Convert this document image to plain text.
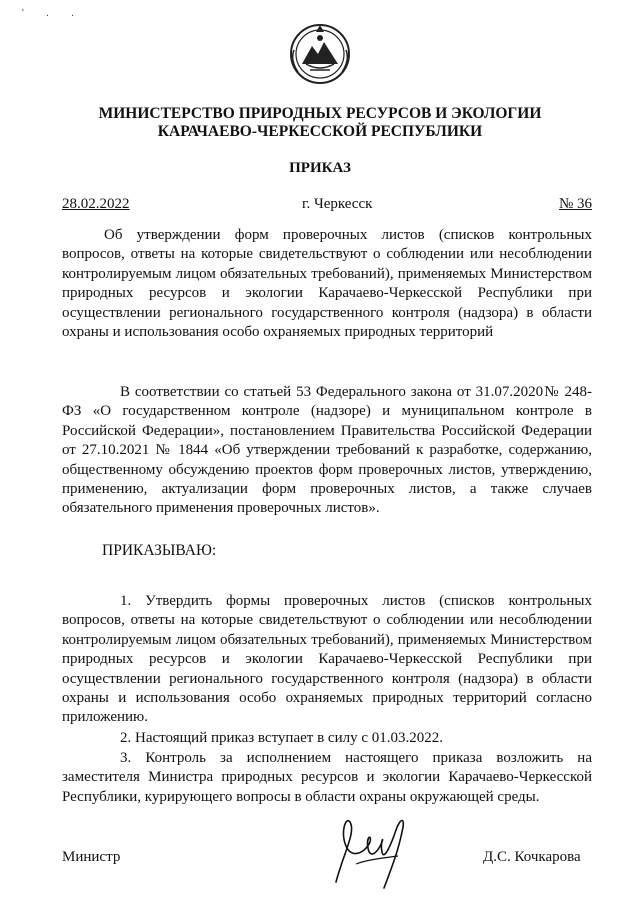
' . .
МИНИСТЕРСТВО ПРИРОДНЫХ РЕСУРСОВ И ЭКОЛОГИИ
КАРАЧАЕВО-ЧЕРКЕССКОЙ РЕСПУБЛИКИ
ПРИКАЗ
28.02.2022	г. Черкесск	№ 36
Об утверждении форм проверочных листов (списков контрольных вопросов, ответы на которые свидетельствуют о соблюдении или несоблюдении контролируемым лицом обязательных требований), применяемых Министерством природных ресурсов и экологии Карачаево-Черкесской Республики при осуществлении регионального государственного контроля (надзора) в области охраны и использования особо охраняемых природных территорий
В соответствии со статьей 53 Федерального закона от 31.07.2020№ 248-ФЗ «О государственном контроле (надзоре) и муниципальном контроле в Российской Федерации», постановлением Правительства Российской Федерации от 27.10.2021 № 1844 «Об утверждении требований к разработке, содержанию, общественному обсуждению проектов форм проверочных листов, утверждению, применению, актуализации форм проверочных листов, а также случаев обязательного применения проверочных листов».
ПРИКАЗЫВАЮ:
1. Утвердить формы проверочных листов (списков контрольных вопросов, ответы на которые свидетельствуют о соблюдении или несоблюдении контролируемым лицом обязательных требований), применяемых Министерством природных ресурсов и экологии Карачаево-Черкесской Республики при осуществлении регионального государственного контроля (надзора) в области охраны и использования особо охраняемых природных территорий согласно приложению.
2. Настоящий приказ вступает в силу с 01.03.2022.
3. Контроль за исполнением настоящего приказа возложить на заместителя Министра природных ресурсов и экологии Карачаево-Черкесской Республики, курирующего вопросы в области охраны окружающей среды.
Министр	Д.С. Кочкарова
